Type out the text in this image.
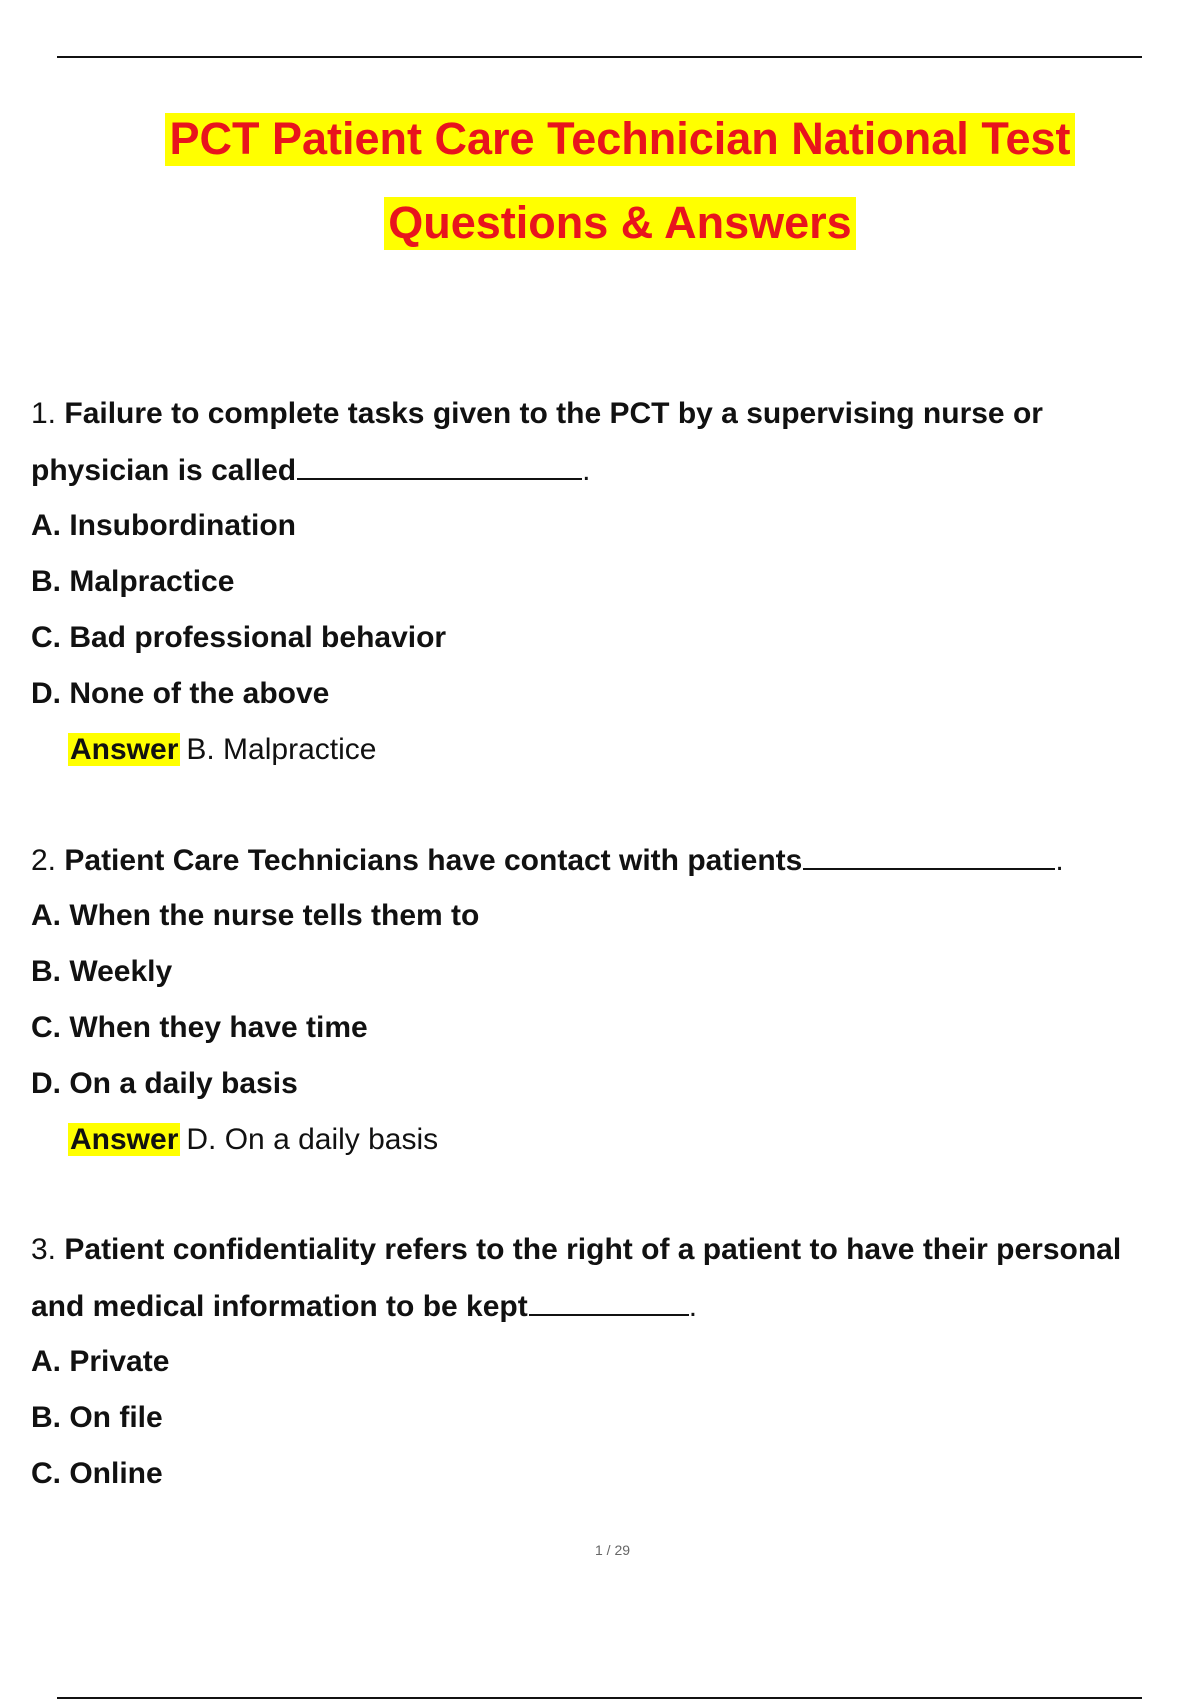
PCT Patient Care Technician National Test
Questions & Answers
1. Failure to complete tasks given to the PCT by a supervising nurse or
physician is called	.
A. Insubordination
B. Malpractice
C. Bad professional behavior
D. None of the above
Answer B. Malpractice
2. Patient Care Technicians have contact with patients	.
A. When the nurse tells them to
B. Weekly
C. When they have time
D. On a daily basis
Answer D. On a daily basis
3. Patient confidentiality refers to the right of a patient to have their personal
and medical information to be kept	.
A. Private
B. On file
C. Online
1 / 29
